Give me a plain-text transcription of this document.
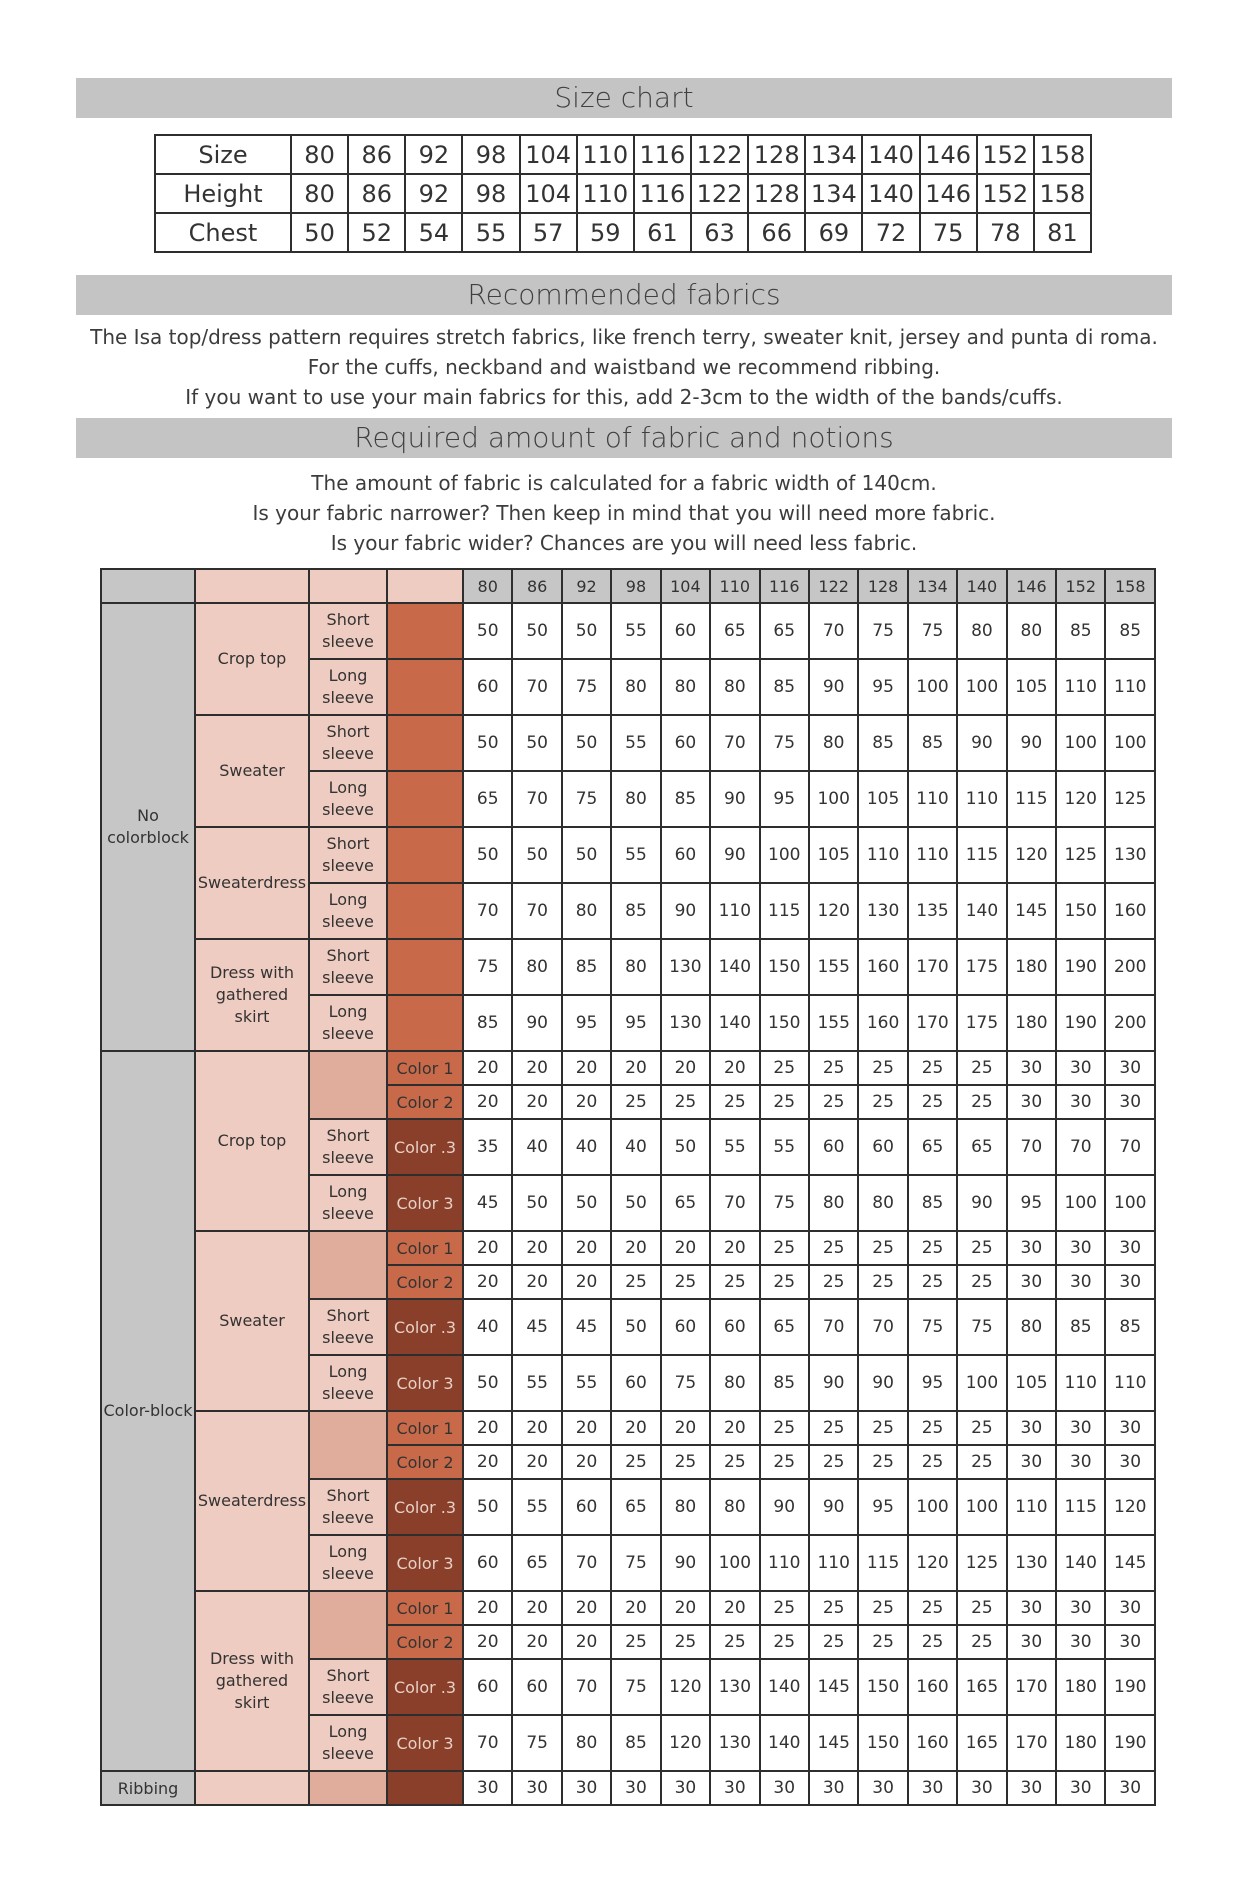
Size chart
Size	80	86	92	98	104	110	116	122	128	134	140	146	152	158
Height	80	86	92	98	104	110	116	122	128	134	140	146	152	158
Chest	50	52	54	55	57	59	61	63	66	69	72	75	78	81
Recommended fabrics
The Isa top/dress pattern requires stretch fabrics, like french terry, sweater knit, jersey and punta di roma.
For the cuffs, neckband and waistband we recommend ribbing.
If you want to use your main fabrics for this, add 2-3cm to the width of the bands/cuffs.
Required amount of fabric and notions
The amount of fabric is calculated for a fabric width of 140cm.
Is your fabric narrower? Then keep in mind that you will need more fabric.
Is your fabric wider? Chances are you will need less fabric.
				80	86	92	98	104	110	116	122	128	134	140	146	152	158
No colorblock	Crop top	Short sleeve		50	50	50	55	60	65	65	70	75	75	80	80	85	85
		Long sleeve		60	70	75	80	80	80	85	90	95	100	100	105	110	110
	Sweater	Short sleeve		50	50	50	55	60	70	75	80	85	85	90	90	100	100
		Long sleeve		65	70	75	80	85	90	95	100	105	110	110	115	120	125
	Sweaterdress	Short sleeve		50	50	50	55	60	90	100	105	110	110	115	120	125	130
		Long sleeve		70	70	80	85	90	110	115	120	130	135	140	145	150	160
	Dress with gathered skirt	Short sleeve		75	80	85	80	130	140	150	155	160	170	175	180	190	200
		Long sleeve		85	90	95	95	130	140	150	155	160	170	175	180	190	200
Color-block	Crop top		Color 1	20	20	20	20	20	20	25	25	25	25	25	30	30	30
			Color 2	20	20	20	25	25	25	25	25	25	25	25	30	30	30
		Short sleeve	Color .3	35	40	40	40	50	55	55	60	60	65	65	70	70	70
		Long sleeve	Color 3	45	50	50	50	65	70	75	80	80	85	90	95	100	100
	Sweater		Color 1	20	20	20	20	20	20	25	25	25	25	25	30	30	30
			Color 2	20	20	20	25	25	25	25	25	25	25	25	30	30	30
		Short sleeve	Color .3	40	45	45	50	60	60	65	70	70	75	75	80	85	85
		Long sleeve	Color 3	50	55	55	60	75	80	85	90	90	95	100	105	110	110
	Sweaterdress		Color 1	20	20	20	20	20	20	25	25	25	25	25	30	30	30
			Color 2	20	20	20	25	25	25	25	25	25	25	25	30	30	30
		Short sleeve	Color .3	50	55	60	65	80	80	90	90	95	100	100	110	115	120
		Long sleeve	Color 3	60	65	70	75	90	100	110	110	115	120	125	130	140	145
	Dress with gathered skirt		Color 1	20	20	20	20	20	20	25	25	25	25	25	30	30	30
			Color 2	20	20	20	25	25	25	25	25	25	25	25	30	30	30
		Short sleeve	Color .3	60	60	70	75	120	130	140	145	150	160	165	170	180	190
		Long sleeve	Color 3	70	75	80	85	120	130	140	145	150	160	165	170	180	190
Ribbing				30	30	30	30	30	30	30	30	30	30	30	30	30	30
